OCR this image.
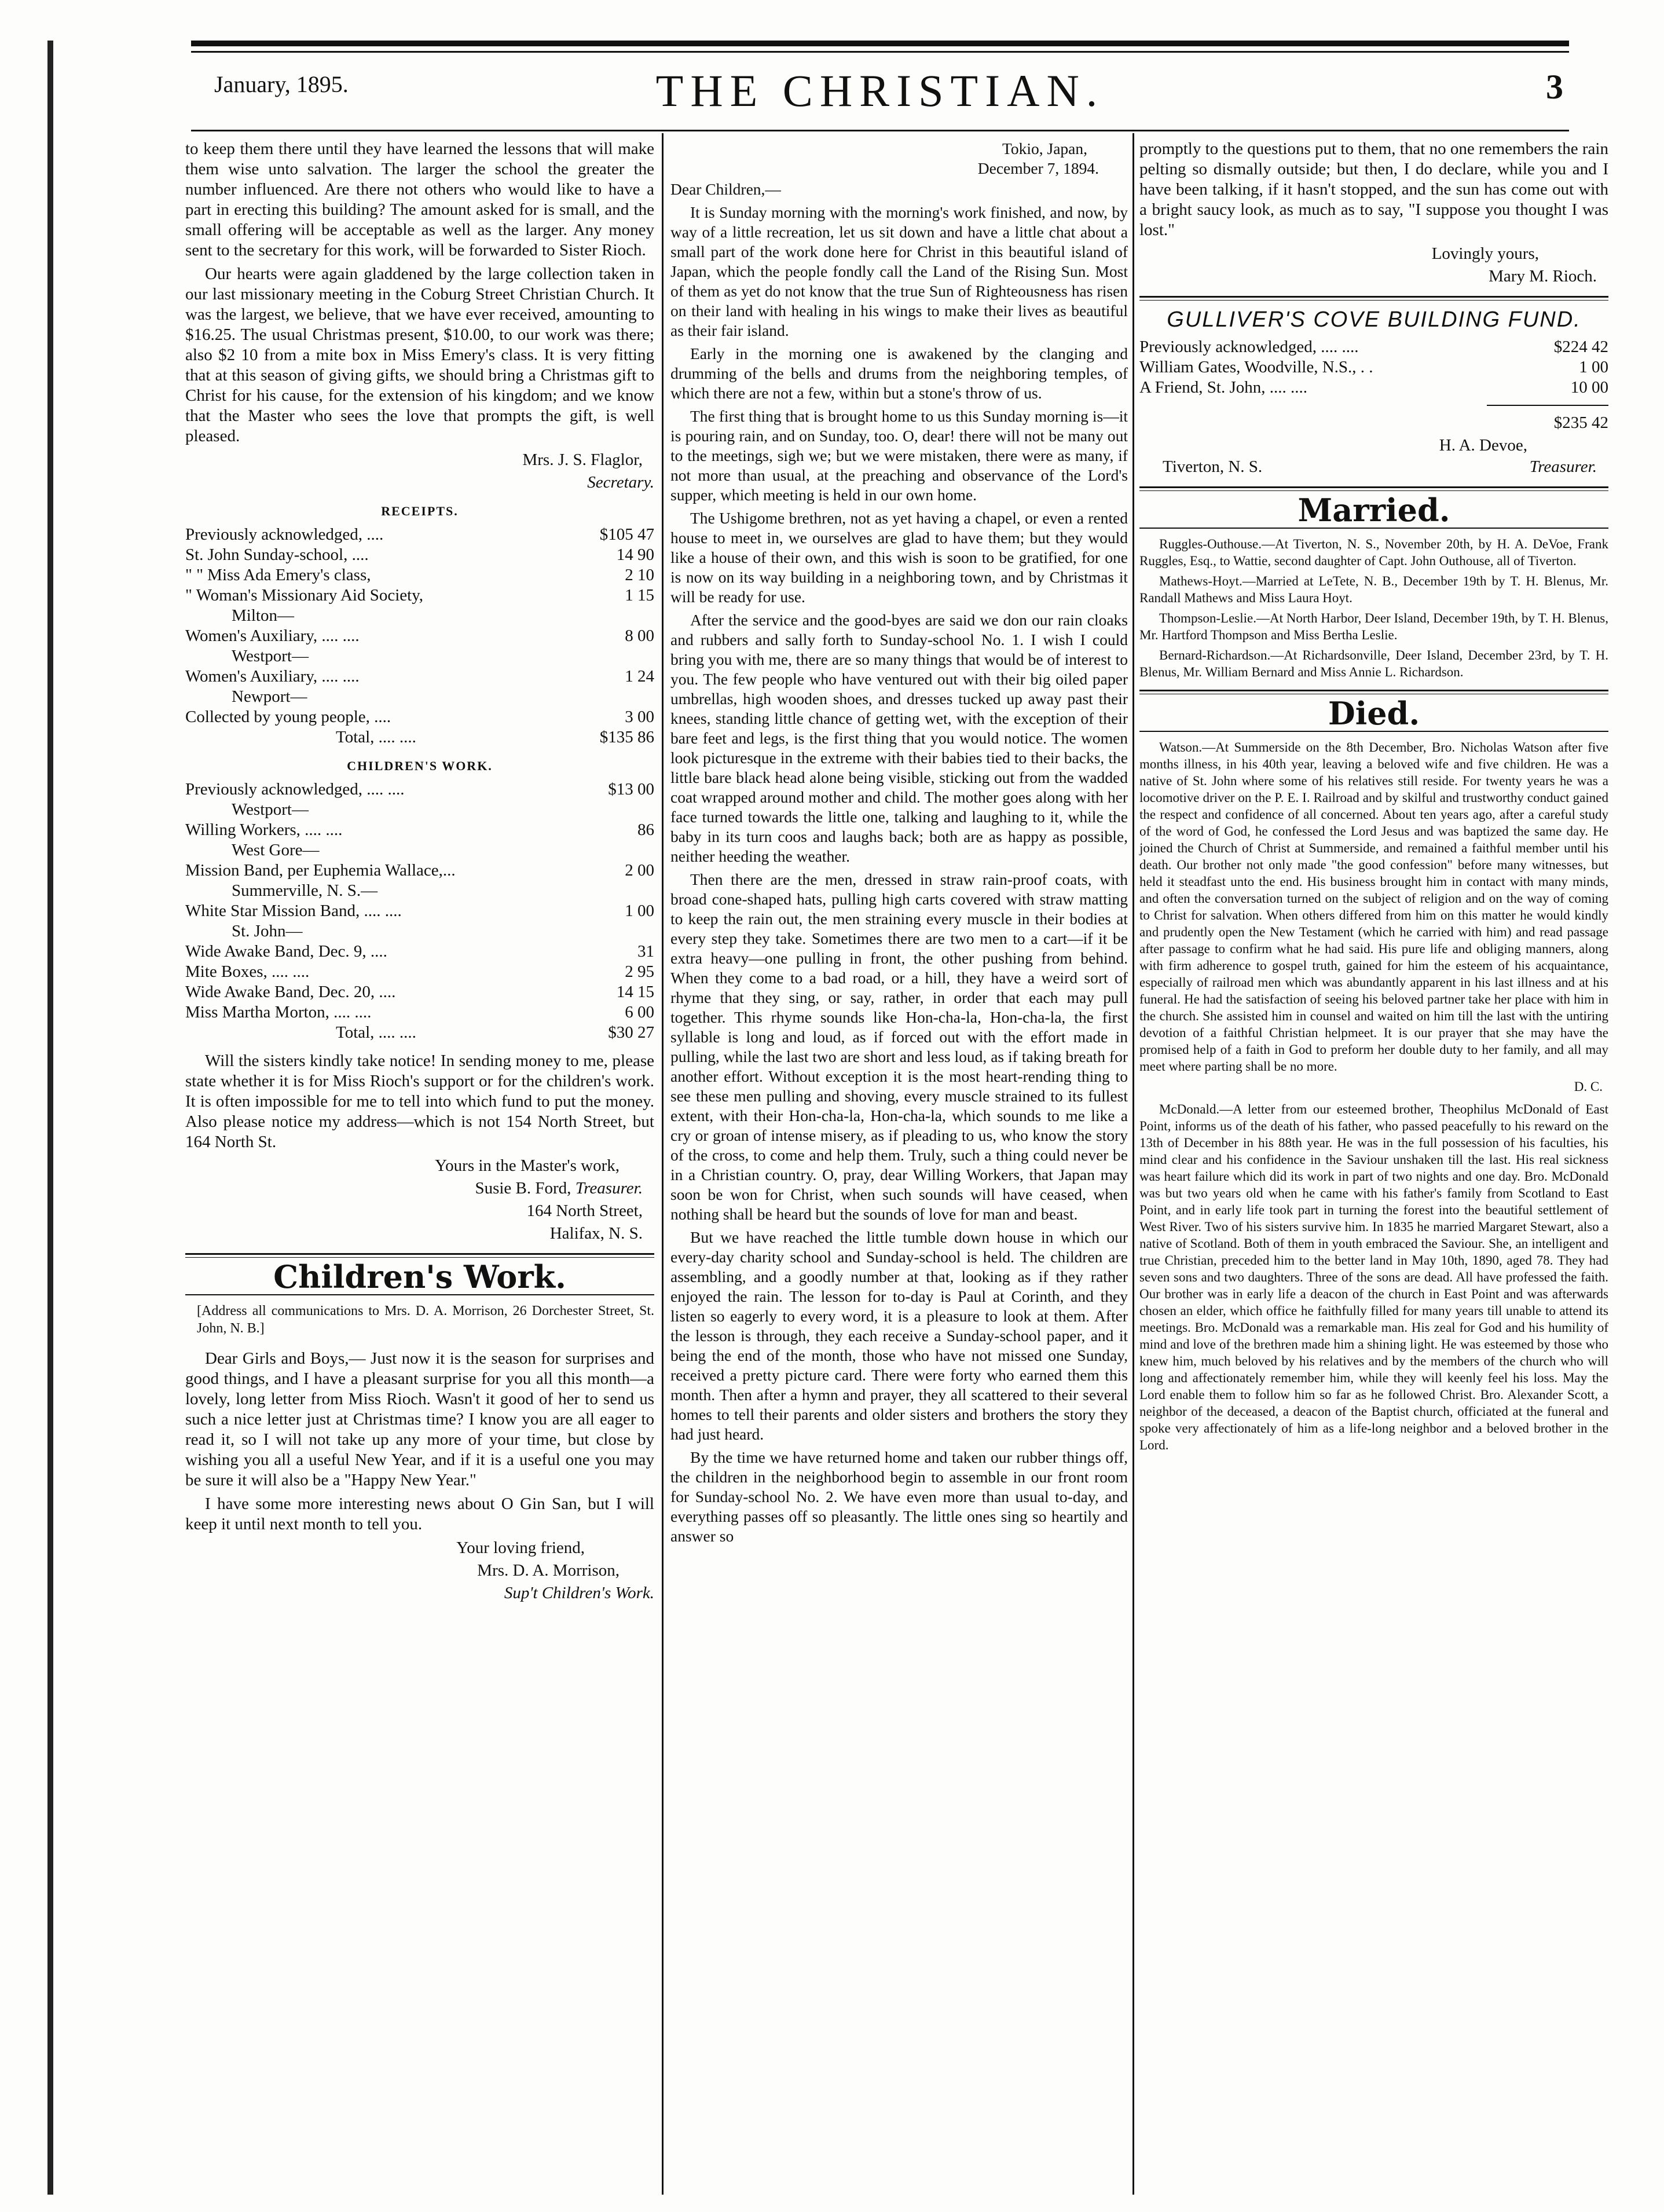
January, 1895.	THE CHRISTIAN.	3

to keep them there until they have learned the lessons that will make them wise unto salvation. The larger the school the greater the number influenced. Are there not others who would like to have a part in erecting this building? The amount asked for is small, and the small offering will be acceptable as well as the larger. Any money sent to the secretary for this work, will be forwarded to Sister Rioch.

Our hearts were again gladdened by the large collection taken in our last missionary meeting in the Coburg Street Christian Church. It was the largest, we believe, that we have ever received, amounting to $16.25. The usual Christmas present, $10.00, to our work was there; also $2 10 from a mite box in Miss Emery's class. It is very fitting that at this season of giving gifts, we should bring a Christmas gift to Christ for his cause, for the extension of his kingdom; and we know that the Master who sees the love that prompts the gift, is well pleased.

Mrs. J. S. Flaglor,
Secretary.
RECEIPTS.
Previously acknowledged, ....	$105 47
St. John Sunday-school, ....	14 90
" " Miss Ada Emery's class,	2 10
" Woman's Missionary Aid Society,	1 15
Milton—
Women's Auxiliary, .... ....	8 00
Westport—
Women's Auxiliary, .... ....	1 24
Newport—
Collected by young people, ....	3 00
Total, .... ....	$135 86
CHILDREN'S WORK.
Previously acknowledged, .... ....	$13 00
Westport—
Willing Workers, .... ....	86
West Gore—
Mission Band, per Euphemia Wallace,...	2 00
Summerville, N. S.—
White Star Mission Band, .... ....	1 00
St. John—
Wide Awake Band, Dec. 9, ....	31
Mite Boxes, .... ....	2 95
Wide Awake Band, Dec. 20, ....	14 15
Miss Martha Morton, .... ....	6 00
Total, .... ....	$30 27

Will the sisters kindly take notice! In sending money to me, please state whether it is for Miss Rioch's support or for the children's work. It is often impossible for me to tell into which fund to put the money. Also please notice my address—which is not 154 North Street, but 164 North St.

Yours in the Master's work,
Susie B. Ford, Treasurer.
164 North Street,
Halifax, N. S.
Children's Work.

[Address all communications to Mrs. D. A. Morrison, 26 Dorchester Street, St. John, N. B.]

Dear Girls and Boys,— Just now it is the season for surprises and good things, and I have a pleasant surprise for you all this month—a lovely, long letter from Miss Rioch. Wasn't it good of her to send us such a nice letter just at Christmas time? I know you are all eager to read it, so I will not take up any more of your time, but close by wishing you all a useful New Year, and if it is a useful one you may be sure it will also be a "Happy New Year."

I have some more interesting news about O Gin San, but I will keep it until next month to tell you.

Your loving friend,
Mrs. D. A. Morrison,
Sup't Children's Work.
Tokio, Japan,
December 7, 1894.
Dear Children,—

It is Sunday morning with the morning's work finished, and now, by way of a little recreation, let us sit down and have a little chat about a small part of the work done here for Christ in this beautiful island of Japan, which the people fondly call the Land of the Rising Sun. Most of them as yet do not know that the true Sun of Righteousness has risen on their land with healing in his wings to make their lives as beautiful as their fair island.

Early in the morning one is awakened by the clanging and drumming of the bells and drums from the neighboring temples, of which there are not a few, within but a stone's throw of us.

The first thing that is brought home to us this Sunday morning is—it is pouring rain, and on Sunday, too. O, dear! there will not be many out to the meetings, sigh we; but we were mistaken, there were as many, if not more than usual, at the preaching and observance of the Lord's supper, which meeting is held in our own home.

The Ushigome brethren, not as yet having a chapel, or even a rented house to meet in, we ourselves are glad to have them; but they would like a house of their own, and this wish is soon to be gratified, for one is now on its way building in a neighboring town, and by Christmas it will be ready for use.

After the service and the good-byes are said we don our rain cloaks and rubbers and sally forth to Sunday-school No. 1. I wish I could bring you with me, there are so many things that would be of interest to you. The few people who have ventured out with their big oiled paper umbrellas, high wooden shoes, and dresses tucked up away past their knees, standing little chance of getting wet, with the exception of their bare feet and legs, is the first thing that you would notice. The women look picturesque in the extreme with their babies tied to their backs, the little bare black head alone being visible, sticking out from the wadded coat wrapped around mother and child. The mother goes along with her face turned towards the little one, talking and laughing to it, while the baby in its turn coos and laughs back; both are as happy as possible, neither heeding the weather.

Then there are the men, dressed in straw rain-proof coats, with broad cone-shaped hats, pulling high carts covered with straw matting to keep the rain out, the men straining every muscle in their bodies at every step they take. Sometimes there are two men to a cart—if it be extra heavy—one pulling in front, the other pushing from behind. When they come to a bad road, or a hill, they have a weird sort of rhyme that they sing, or say, rather, in order that each may pull together. This rhyme sounds like Hon-cha-la, Hon-cha-la, the first syllable is long and loud, as if forced out with the effort made in pulling, while the last two are short and less loud, as if taking breath for another effort. Without exception it is the most heart-rending thing to see these men pulling and shoving, every muscle strained to its fullest extent, with their Hon-cha-la, Hon-cha-la, which sounds to me like a cry or groan of intense misery, as if pleading to us, who know the story of the cross, to come and help them. Truly, such a thing could never be in a Christian country. O, pray, dear Willing Workers, that Japan may soon be won for Christ, when such sounds will have ceased, when nothing shall be heard but the sounds of love for man and beast.

But we have reached the little tumble down house in which our every-day charity school and Sunday-school is held. The children are assembling, and a goodly number at that, looking as if they rather enjoyed the rain. The lesson for to-day is Paul at Corinth, and they listen so eagerly to every word, it is a pleasure to look at them. After the lesson is through, they each receive a Sunday-school paper, and it being the end of the month, those who have not missed one Sunday, received a pretty picture card. There were forty who earned them this month. Then after a hymn and prayer, they all scattered to their several homes to tell their parents and older sisters and brothers the story they had just heard.

By the time we have returned home and taken our rubber things off, the children in the neighborhood begin to assemble in our front room for Sunday-school No. 2. We have even more than usual to-day, and everything passes off so pleasantly. The little ones sing so heartily and answer so

promptly to the questions put to them, that no one remembers the rain pelting so dismally outside; but then, I do declare, while you and I have been talking, if it hasn't stopped, and the sun has come out with a bright saucy look, as much as to say, "I suppose you thought I was lost."

Lovingly yours,
Mary M. Rioch.
GULLIVER'S COVE BUILDING FUND.
Previously acknowledged, .... ....	$224 42
William Gates, Woodville, N.S., . .	1 00
A Friend, St. John, .... ....	10 00
$235 42
H. A. Devoe,
Tiverton, N. S.	Treasurer.
Married.

Ruggles-Outhouse.—At Tiverton, N. S., November 20th, by H. A. DeVoe, Frank Ruggles, Esq., to Wattie, second daughter of Capt. John Outhouse, all of Tiverton.

Mathews-Hoyt.—Married at LeTete, N. B., December 19th by T. H. Blenus, Mr. Randall Mathews and Miss Laura Hoyt.

Thompson-Leslie.—At North Harbor, Deer Island, December 19th, by T. H. Blenus, Mr. Hartford Thompson and Miss Bertha Leslie.

Bernard-Richardson.—At Richardsonville, Deer Island, December 23rd, by T. H. Blenus, Mr. William Bernard and Miss Annie L. Richardson.

Died.

Watson.—At Summerside on the 8th December, Bro. Nicholas Watson after five months illness, in his 40th year, leaving a beloved wife and five children. He was a native of St. John where some of his relatives still reside. For twenty years he was a locomotive driver on the P. E. I. Railroad and by skilful and trustworthy conduct gained the respect and confidence of all concerned. About ten years ago, after a careful study of the word of God, he confessed the Lord Jesus and was baptized the same day. He joined the Church of Christ at Summerside, and remained a faithful member until his death. Our brother not only made "the good confession" before many witnesses, but held it steadfast unto the end. His business brought him in contact with many minds, and often the conversation turned on the subject of religion and on the way of coming to Christ for salvation. When others differed from him on this matter he would kindly and prudently open the New Testament (which he carried with him) and read passage after passage to confirm what he had said. His pure life and obliging manners, along with firm adherence to gospel truth, gained for him the esteem of his acquaintance, especially of railroad men which was abundantly apparent in his last illness and at his funeral. He had the satisfaction of seeing his beloved partner take her place with him in the church. She assisted him in counsel and waited on him till the last with the untiring devotion of a faithful Christian helpmeet. It is our prayer that she may have the promised help of a faith in God to preform her double duty to her family, and all may meet where parting shall be no more.

D. C.

McDonald.—A letter from our esteemed brother, Theophilus McDonald of East Point, informs us of the death of his father, who passed peacefully to his reward on the 13th of December in his 88th year. He was in the full possession of his faculties, his mind clear and his confidence in the Saviour unshaken till the last. His real sickness was heart failure which did its work in part of two nights and one day. Bro. McDonald was but two years old when he came with his father's family from Scotland to East Point, and in early life took part in turning the forest into the beautiful settlement of West River. Two of his sisters survive him. In 1835 he married Margaret Stewart, also a native of Scotland. Both of them in youth embraced the Saviour. She, an intelligent and true Christian, preceded him to the better land in May 10th, 1890, aged 78. They had seven sons and two daughters. Three of the sons are dead. All have professed the faith. Our brother was in early life a deacon of the church in East Point and was afterwards chosen an elder, which office he faithfully filled for many years till unable to attend its meetings. Bro. McDonald was a remarkable man. His zeal for God and his humility of mind and love of the brethren made him a shining light. He was esteemed by those who knew him, much beloved by his relatives and by the members of the church who will long and affectionately remember him, while they will keenly feel his loss. May the Lord enable them to follow him so far as he followed Christ. Bro. Alexander Scott, a neighbor of the deceased, a deacon of the Baptist church, officiated at the funeral and spoke very affectionately of him as a life-long neighbor and a beloved brother in the Lord.
